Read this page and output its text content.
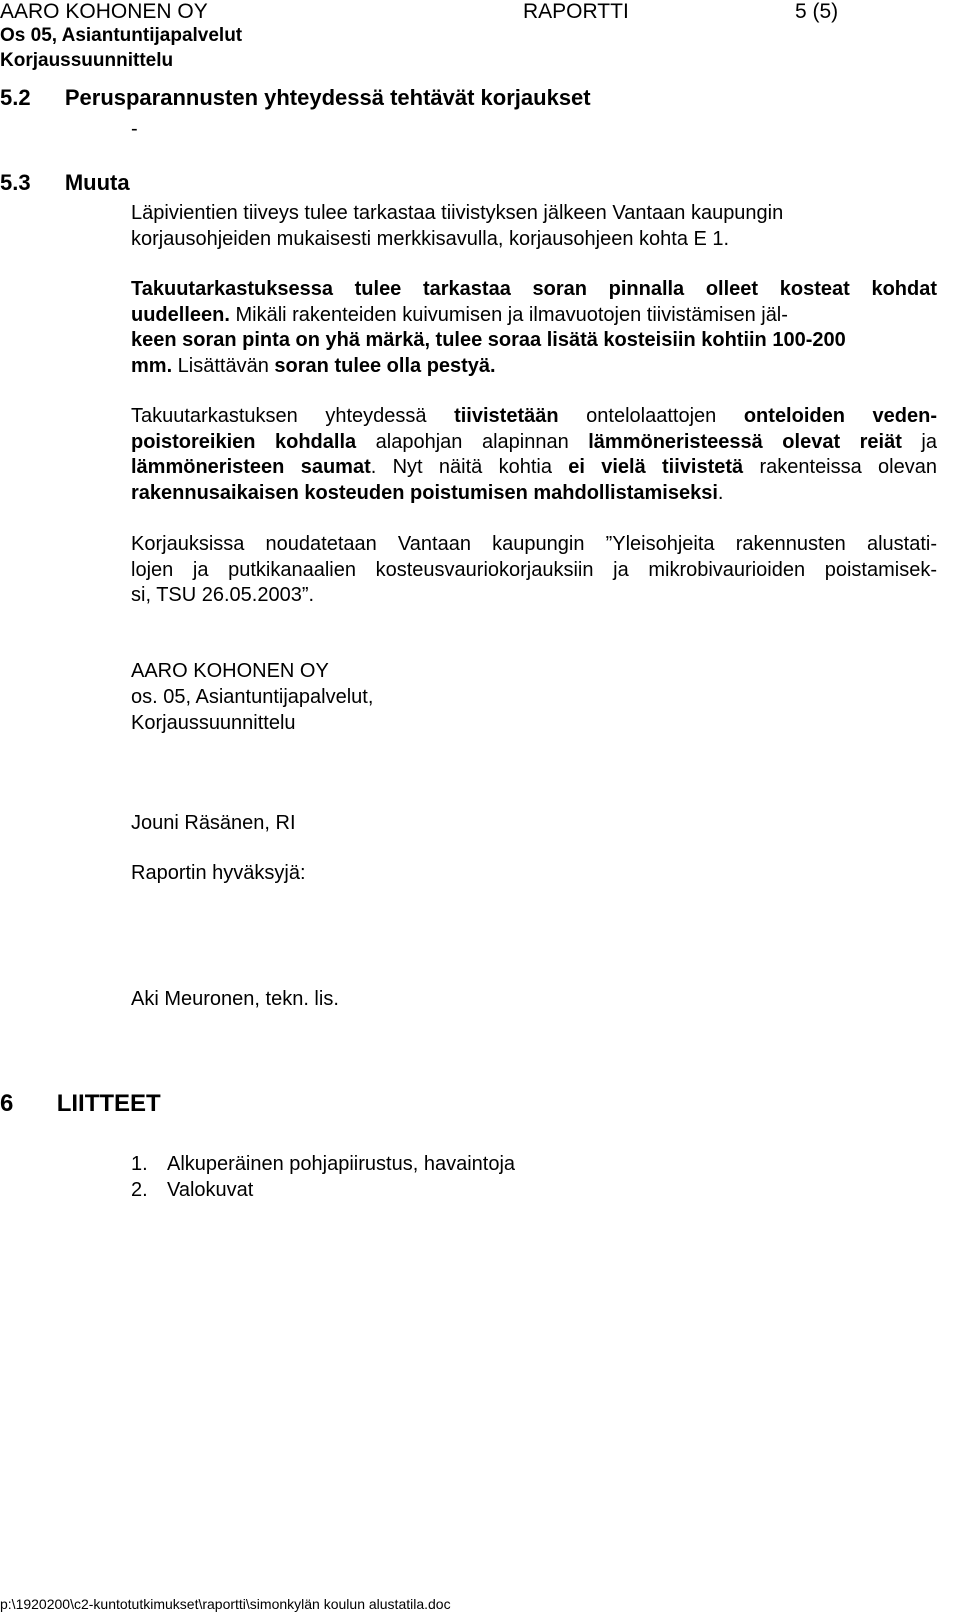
AARO KOHONEN OY	RAPORTTI	5 (5)
Os 05, Asiantuntijapalvelut
Korjaussuunnittelu
5.2 Perusparannusten yhteydessä tehtävät korjaukset
-
5.3 Muuta
Läpivientien tiiveys tulee tarkastaa tiivistyksen jälkeen Vantaan kaupungin
korjausohjeiden mukaisesti merkkisavulla, korjausohjeen kohta E 1.
Takuutarkastuksessa tulee tarkastaa soran pinnalla olleet kosteat kohdat
uudelleen. Mikäli rakenteiden kuivumisen ja ilmavuotojen tiivistämisen jäl-
keen soran pinta on yhä märkä, tulee soraa lisätä kosteisiin kohtiin 100-200
mm. Lisättävän soran tulee olla pestyä.
Takuutarkastuksen yhteydessä tiivistetään ontelolaattojen onteloiden veden-
poistoreikien kohdalla alapohjan alapinnan lämmöneristeessä olevat reiät ja
lämmöneristeen saumat. Nyt näitä kohtia ei vielä tiivistetä rakenteissa olevan
rakennusaikaisen kosteuden poistumisen mahdollistamiseksi.
Korjauksissa noudatetaan Vantaan kaupungin ”Yleisohjeita rakennusten alustati-
lojen ja putkikanaalien kosteusvauriokorjauksiin ja mikrobivaurioiden poistamisek-
si, TSU 26.05.2003”.
AARO KOHONEN OY
os. 05, Asiantuntijapalvelut,
Korjaussuunnittelu
Jouni Räsänen, RI
Raportin hyväksyjä:
Aki Meuronen, tekn. lis.
6 LIITTEET
1. Alkuperäinen pohjapiirustus, havaintoja
2. Valokuvat
p:\1920200\c2-kuntotutkimukset\raportti\simonkylän koulun alustatila.doc
